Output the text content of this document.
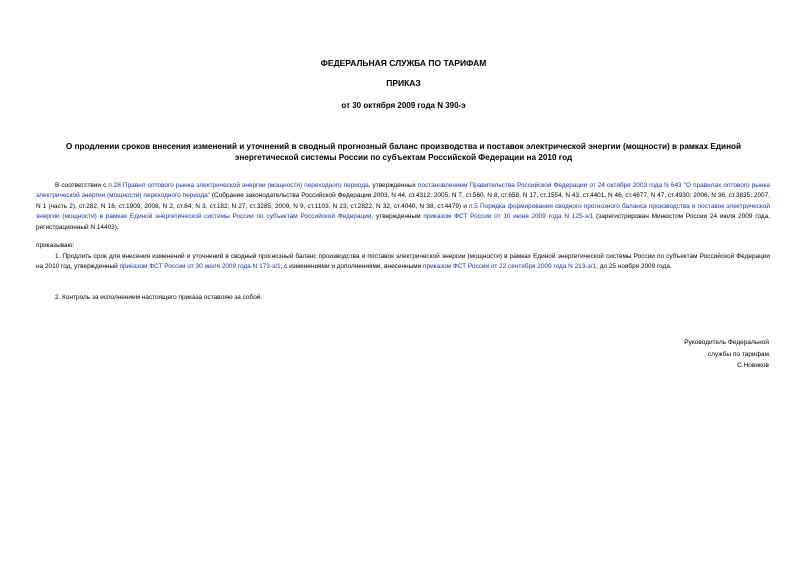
ФЕДЕРАЛЬНАЯ СЛУЖБА ПО ТАРИФАМ
ПРИКАЗ
от 30 октября 2009 года N 390-э
О продлении сроков внесения изменений и уточнений в сводный прогнозный баланс производства и поставок электрической энергии (мощности) в рамках Единой энергетической системы России по субъектам Российской Федерации на 2010 год
В соответствии с п.28 Правил оптового рынка электрической энергии (мощности) переходного периода, утвержденных постановлением Правительства Российской Федерации от 24 октября 2003 года N 643 "О правилах оптового рынка электрической энергии (мощности) переходного периода" (Собрание законодательства Российской Федерации 2003, N 44, ст.4312; 2005, N 7, ст.560, N 8, ст.658, N 17, ст.1554, N 43, ст.4401, N 46, ст.4677, N 47, ст.4930; 2006, N 36, ст.3835; 2007, N 1 (часть 2), ст.282, N 16, ст.1909; 2008, N 2, ст.84; N 3, ст.182; N 27, ст.3285; 2009, N 9, ст.1103, N 23, ст.2822, N 32, ст.4040, N 38, ст.4479) и п.5 Порядка формирования сводного прогнозного баланса производства и поставок электрической энергии (мощности) в рамках Единой энергетической системы России по субъектам Российской Федерации, утвержденным приказом ФСТ России от 10 июня 2009 года N 125-э/1 (зарегистрирован Минюстом России 24 июля 2009 года, регистрационный N 14403),
приказываю:
1. Продлить срок для внесения изменений и уточнений в сводный прогнозный баланс производства и поставок электрической энергии (мощности) в рамках Единой энергетической системы России по субъектам Российской Федерации на 2010 год, утвержденный приказом ФСТ России от 30 июля 2009 года N 173-э/1, с изменениями и дополнениями, внесенными приказом ФСТ России от 22 сентября 2009 года N 213-э/1, до 25 ноября 2009 года.
2. Контроль за исполнением настоящего приказа оставляю за собой.
Руководитель Федеральной
службы по тарифам
С.Новиков
